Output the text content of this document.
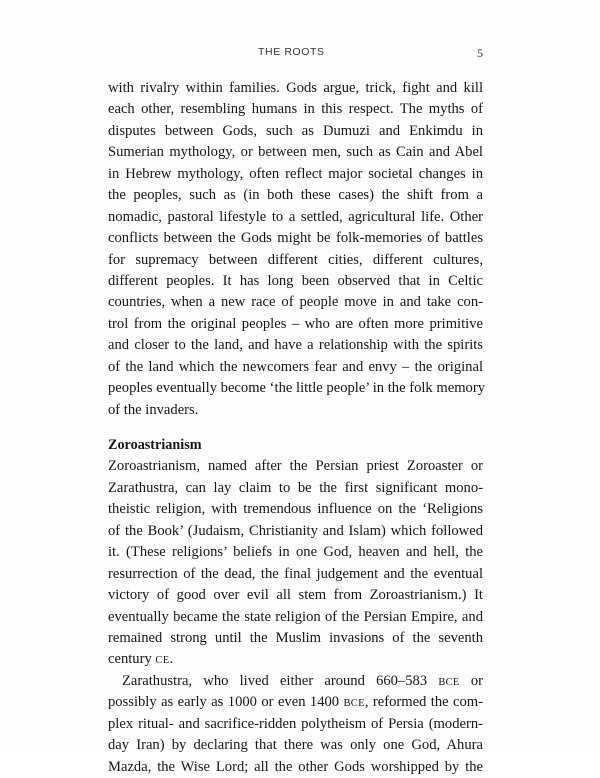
THE ROOTS	5
with rivalry within families. Gods argue, trick, fight and kill
each other, resembling humans in this respect. The myths of
disputes between Gods, such as Dumuzi and Enkimdu in
Sumerian mythology, or between men, such as Cain and Abel
in Hebrew mythology, often reflect major societal changes in
the peoples, such as (in both these cases) the shift from a
nomadic, pastoral lifestyle to a settled, agricultural life. Other
conflicts between the Gods might be folk-memories of battles
for supremacy between different cities, different cultures,
different peoples. It has long been observed that in Celtic
countries, when a new race of people move in and take con-
trol from the original peoples – who are often more primitive
and closer to the land, and have a relationship with the spirits
of the land which the newcomers fear and envy – the original
peoples eventually become ‘the little people’ in the folk memory
of the invaders.
Zoroastrianism
Zoroastrianism, named after the Persian priest Zoroaster or
Zarathustra, can lay claim to be the first significant mono-
theistic religion, with tremendous influence on the ‘Religions
of the Book’ (Judaism, Christianity and Islam) which followed
it. (These religions’ beliefs in one God, heaven and hell, the
resurrection of the dead, the final judgement and the eventual
victory of good over evil all stem from Zoroastrianism.) It
eventually became the state religion of the Persian Empire, and
remained strong until the Muslim invasions of the seventh
century CE.
Zarathustra, who lived either around 660–583 BCE or
possibly as early as 1000 or even 1400 BCE, reformed the com-
plex ritual- and sacrifice-ridden polytheism of Persia (modern-
day Iran) by declaring that there was only one God, Ahura
Mazda, the Wise Lord; all the other Gods worshipped by the
